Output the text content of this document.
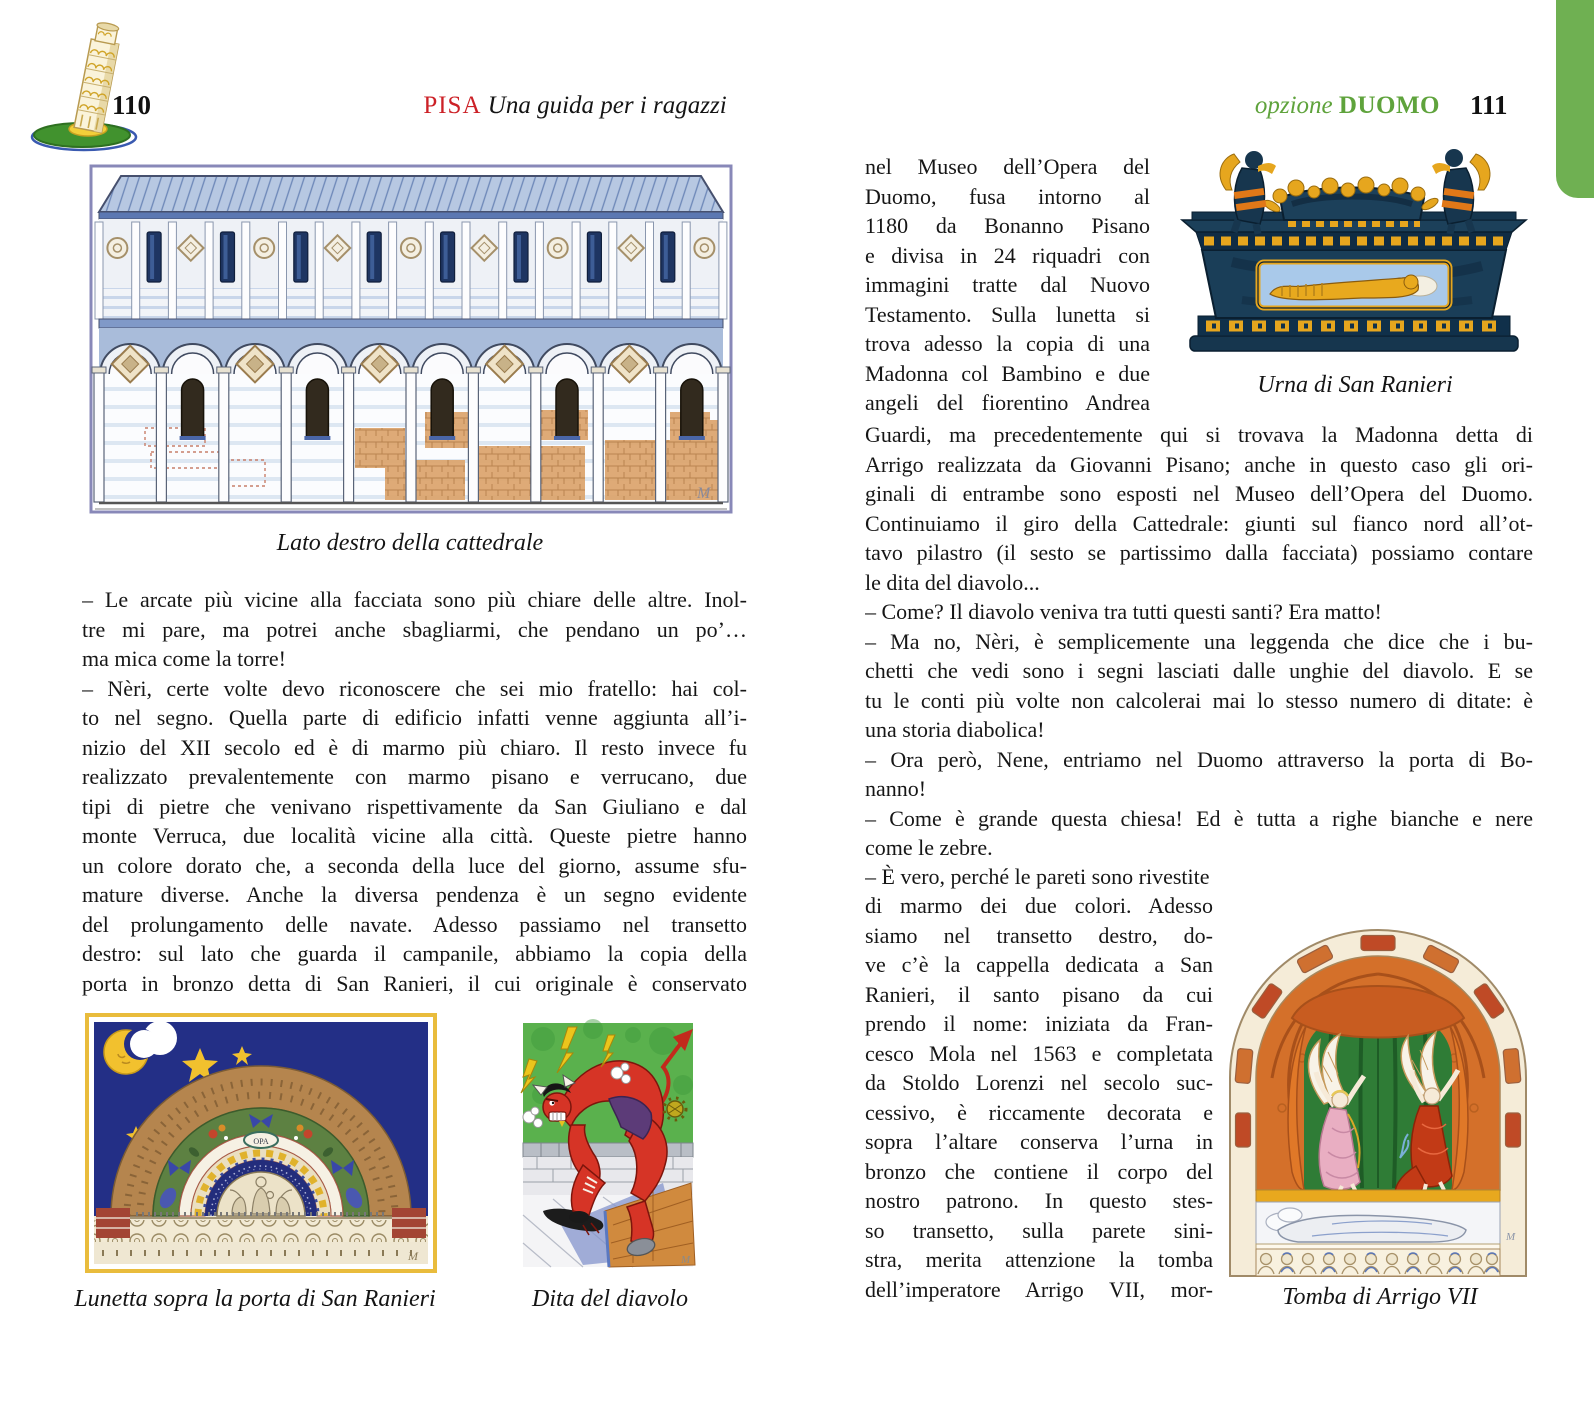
110	PISA Una guida per i ragazzi
M
Lato destro della cattedrale
– Le arcate più vicine alla facciata sono più chiare delle altre. Inol-
tre mi pare, ma potrei anche sbagliarmi, che pendano un po’…
ma mica come la torre!
– Nèri, certe volte devo riconoscere che sei mio fratello: hai col-
to nel segno. Quella parte di edificio infatti venne aggiunta all’i-
nizio del XII secolo ed è di marmo più chiaro. Il resto invece fu
realizzato prevalentemente con marmo pisano e verrucano, due
tipi di pietre che venivano rispettivamente da San Giuliano e dal
monte Verruca, due località vicine alla città. Queste pietre hanno
un colore dorato che, a seconda della luce del giorno, assume sfu-
mature diverse. Anche la diversa pendenza è un segno evidente
del prolungamento delle navate. Adesso passiamo nel transetto
destro: sul lato che guarda il campanile, abbiamo la copia della
porta in bronzo detta di San Ranieri, il cui originale è conservato
OPA
M	M
Lunetta sopra la porta di San Ranieri	Dita del diavolo
opzione DUOMO 111
Urna di San Ranieri
nel Museo dell’Opera del
Duomo, fusa intorno al
1180 da Bonanno Pisano
e divisa in 24 riquadri con
immagini tratte dal Nuovo
Testamento. Sulla lunetta si
trova adesso la copia di una
Madonna col Bambino e due
angeli del fiorentino Andrea
Guardi, ma precedentemente qui si trovava la Madonna detta di
Arrigo realizzata da Giovanni Pisano; anche in questo caso gli ori-
ginali di entrambe sono esposti nel Museo dell’Opera del Duomo.
Continuiamo il giro della Cattedrale: giunti sul fianco nord all’ot-
tavo pilastro (il sesto se partissimo dalla facciata) possiamo contare
le dita del diavolo...
– Come? Il diavolo veniva tra tutti questi santi? Era matto!
– Ma no, Nèri, è semplicemente una leggenda che dice che i bu-
chetti che vedi sono i segni lasciati dalle unghie del diavolo. E se
tu le conti più volte non calcolerai mai lo stesso numero di ditate: è
una storia diabolica!
– Ora però, Nene, entriamo nel Duomo attraverso la porta di Bo-
nanno!
– Come è grande questa chiesa! Ed è tutta a righe bianche e nere
come le zebre.
– È vero, perché le pareti sono rivestite
di marmo dei due colori. Adesso
siamo nel transetto destro, do-
ve c’è la cappella dedicata a San
Ranieri, il santo pisano da cui
prendo il nome: iniziata da Fran-
cesco Mola nel 1563 e completata
da Stoldo Lorenzi nel secolo suc-
cessivo, è riccamente decorata e
sopra l’altare conserva l’urna in
bronzo che contiene il corpo del
nostro patrono. In questo stes-
so transetto, sulla parete sini-
stra, merita attenzione la tomba
dell’imperatore Arrigo VII, mor-
M
Tomba di Arrigo VII
